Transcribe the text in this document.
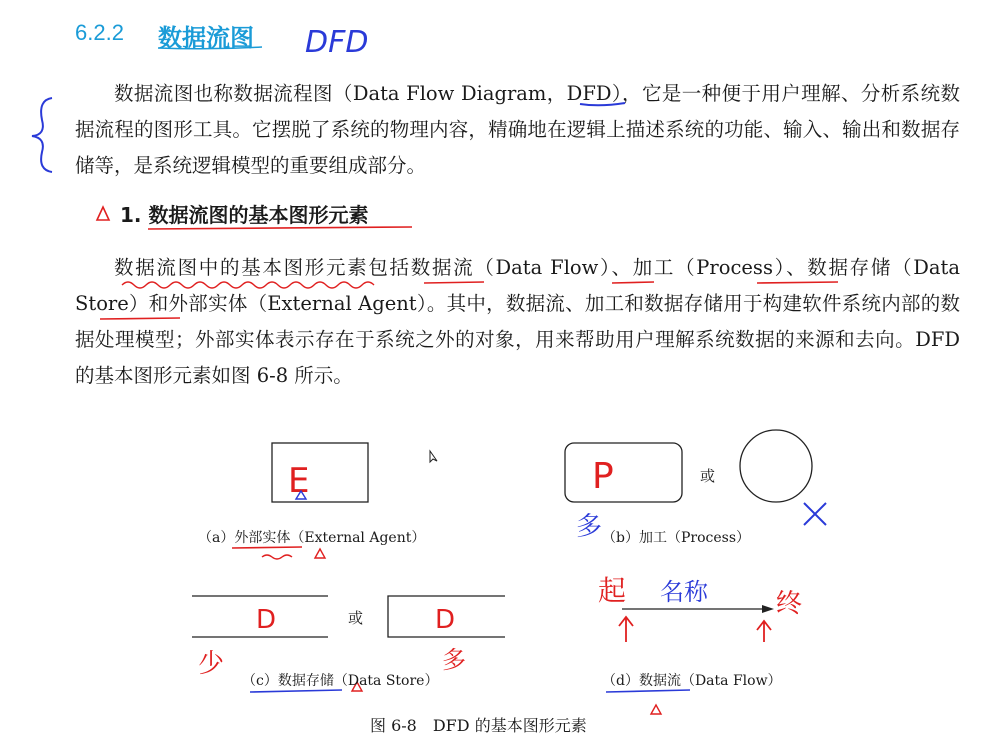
6.2.2 数据流图
数据流图也称数据流程图（Data Flow Diagram，DFD），它是一种便于用户理解、分析系统数据流程的图形工具。它摆脱了系统的物理内容，精确地在逻辑上描述系统的功能、输入、输出和数据存储等，是系统逻辑模型的重要组成部分。
1. 数据流图的基本图形元素
数据流图中的基本图形元素包括数据流（Data Flow）、加工（Process）、数据存储（Data Store）和外部实体（External Agent）。其中，数据流、加工和数据存储用于构建软件系统内部的数据处理模型；外部实体表示存在于系统之外的对象，用来帮助用户理解系统数据的来源和去向。DFD 的基本图形元素如图 6-8 所示。
DFD
E	P
多
D	D
少	多
起 名称	终
（a）外部实体（External Agent）	（b）加工（Process）
或
或
（c）数据存储（Data Store）	（d）数据流（Data Flow）
图 6-8　DFD 的基本图形元素
